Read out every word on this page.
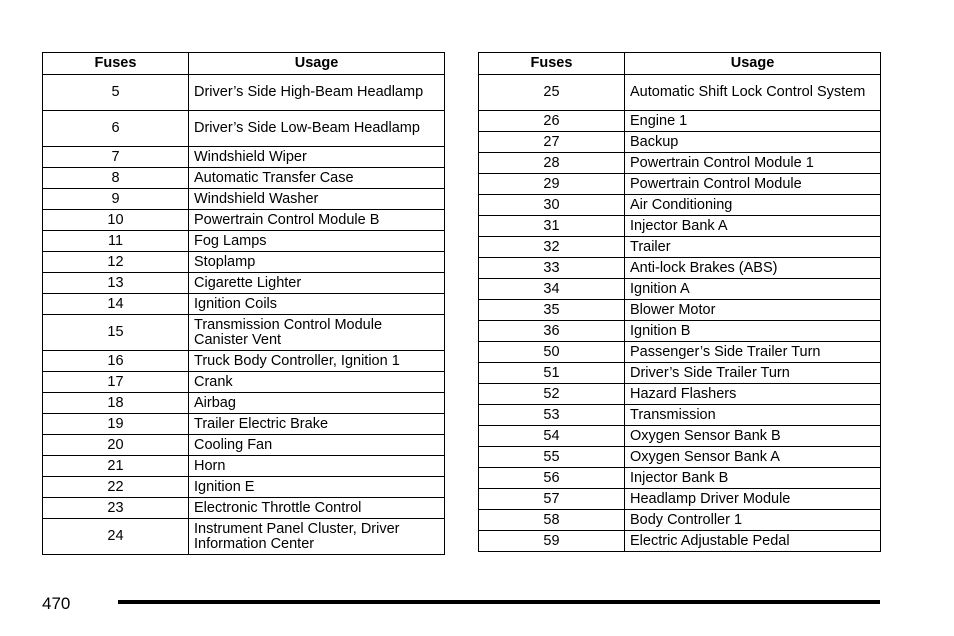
Fuses	Usage
5	Driver’s Side High-Beam Headlamp
6	Driver’s Side Low-Beam Headlamp
7	Windshield Wiper
8	Automatic Transfer Case
9	Windshield Washer
10	Powertrain Control Module B
11	Fog Lamps
12	Stoplamp
13	Cigarette Lighter
14	Ignition Coils
15	Transmission Control Module Canister Vent
16	Truck Body Controller, Ignition 1
17	Crank
18	Airbag
19	Trailer Electric Brake
20	Cooling Fan
21	Horn
22	Ignition E
23	Electronic Throttle Control
24	Instrument Panel Cluster, Driver Information Center
Fuses	Usage
25	Automatic Shift Lock Control System
26	Engine 1
27	Backup
28	Powertrain Control Module 1
29	Powertrain Control Module
30	Air Conditioning
31	Injector Bank A
32	Trailer
33	Anti-lock Brakes (ABS)
34	Ignition A
35	Blower Motor
36	Ignition B
50	Passenger’s Side Trailer Turn
51	Driver’s Side Trailer Turn
52	Hazard Flashers
53	Transmission
54	Oxygen Sensor Bank B
55	Oxygen Sensor Bank A
56	Injector Bank B
57	Headlamp Driver Module
58	Body Controller 1
59	Electric Adjustable Pedal
470
